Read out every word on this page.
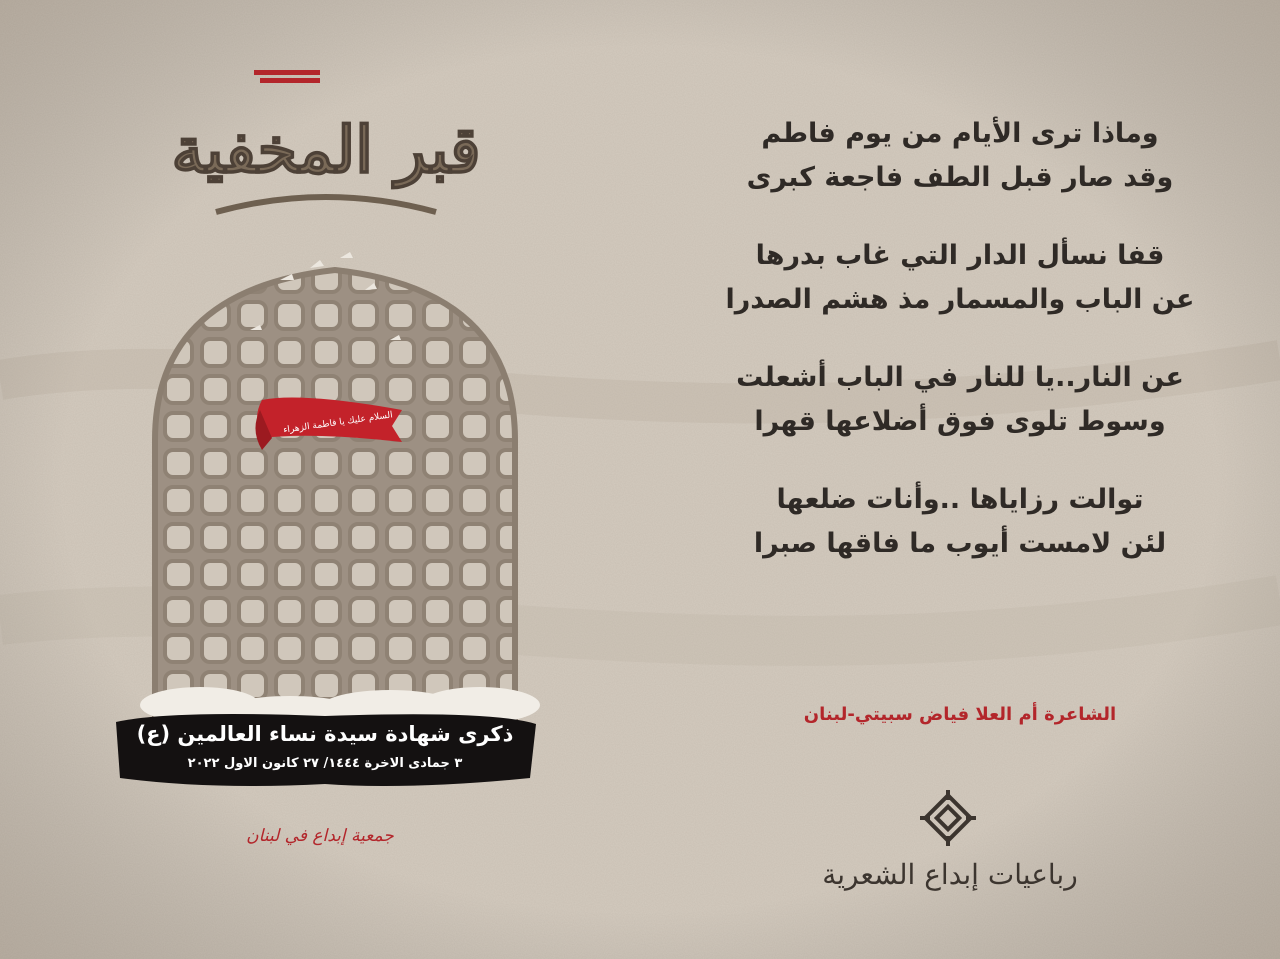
قبر المخفية
السلام عليك يا فاطمة الزهراء
ذكرى شهادة سيدة نساء العالمين (ع)
٣ جمادى الاخرة ١٤٤٤/ ٢٧ كانون الاول ٢٠٢٢
جمعية إبداع في لبنان
وماذا ترى الأيام من يوم فاطم
وقد صار قبل الطف فاجعة كبرى
قفا نسأل الدار التي غاب بدرها
عن الباب والمسمار مذ هشم الصدرا
عن النار..يا للنار في الباب أشعلت
وسوط تلوى فوق أضلاعها قهرا
توالت رزاياها ..وأنات ضلعها
لئن لامست أيوب ما فاقها صبرا
الشاعرة أم العلا فياض سبيتي-لبنان
رباعيات إبداع الشعرية
